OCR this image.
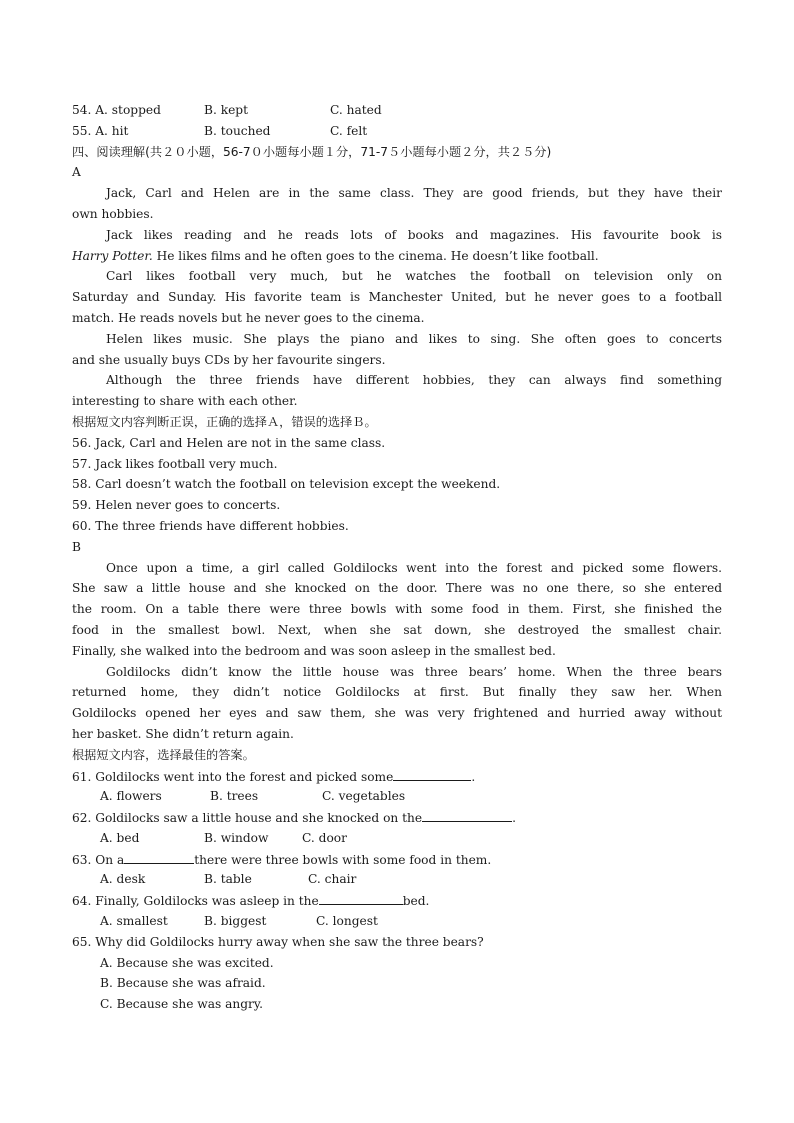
54. A. stopped	B. kept	C. hated
55. A. hit	B. touched	C. felt
四、阅读理解(共２０小题，56-7０小题每小题１分，71-7５小题每小题２分，共２５分)
A
Jack, Carl and Helen are in the same class. They are good friends, but they have their
own hobbies.
Jack likes reading and he reads lots of books and magazines. His favourite book is
Harry Potter. He likes films and he often goes to the cinema. He doesn’t like football.
Carl likes football very much, but he watches the football on television only on
Saturday and Sunday. His favorite team is Manchester United, but he never goes to a football
match. He reads novels but he never goes to the cinema.
Helen likes music. She plays the piano and likes to sing. She often goes to concerts
and she usually buys CDs by her favourite singers.
Although the three friends have different hobbies, they can always find something
interesting to share with each other.
根据短文内容判断正误，正确的选择Ａ，错误的选择Ｂ。
56. Jack, Carl and Helen are not in the same class.
57. Jack likes football very much.
58. Carl doesn’t watch the football on television except the weekend.
59. Helen never goes to concerts.
60. The three friends have different hobbies.
B
Once upon a time, a girl called Goldilocks went into the forest and picked some flowers.
She saw a little house and she knocked on the door. There was no one there, so she entered
the room. On a table there were three bowls with some food in them. First, she finished the
food in the smallest bowl. Next, when she sat down, she destroyed the smallest chair.
Finally, she walked into the bedroom and was soon asleep in the smallest bed.
Goldilocks didn’t know the little house was three bears’ home. When the three bears
returned home, they didn’t notice Goldilocks at first. But finally they saw her. When
Goldilocks opened her eyes and saw them, she was very frightened and hurried away without
her basket. She didn’t return again.
根据短文内容，选择最佳的答案。
61. Goldilocks went into the forest and picked some	.
A. flowers	B. trees	C. vegetables
62. Goldilocks saw a little house and she knocked on the	.
A. bed	B. window	C. door
63. On a	there were three bowls with some food in them.
A. desk	B. table	C. chair
64. Finally, Goldilocks was asleep in the	bed.
A. smallest	B. biggest	C. longest
65. Why did Goldilocks hurry away when she saw the three bears?
A. Because she was excited.
B. Because she was afraid.
C. Because she was angry.
